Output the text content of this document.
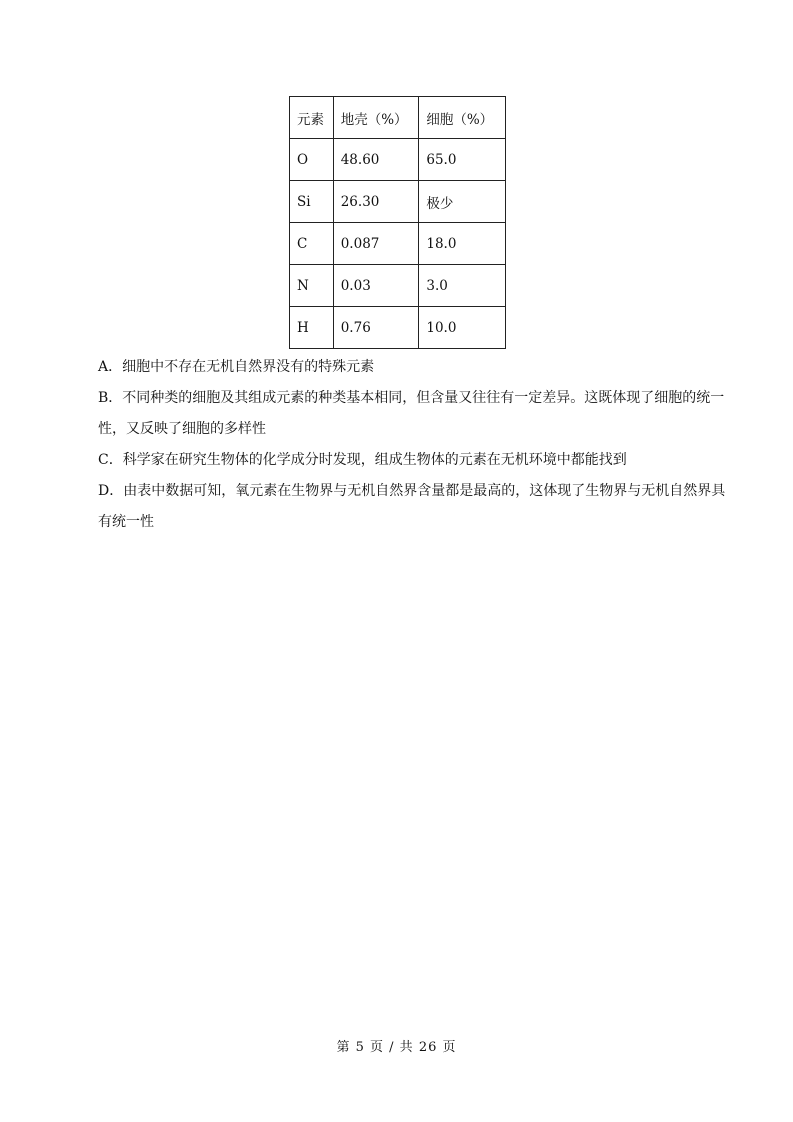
元素	地壳（%）	细胞（%）
O	48.60	65.0
Si	26.30	极少
C	0.087	18.0
N	0.03	3.0
H	0.76	10.0

A．细胞中不存在无机自然界没有的特殊元素

B．不同种类的细胞及其组成元素的种类基本相同，但含量又往往有一定差异。这既体现了细胞的统一性，又反映了细胞的多样性

C．科学家在研究生物体的化学成分时发现，组成生物体的元素在无机环境中都能找到

D．由表中数据可知，氧元素在生物界与无机自然界含量都是最高的，这体现了生物界与无机自然界具有统一性

第 5 页 / 共 26 页
